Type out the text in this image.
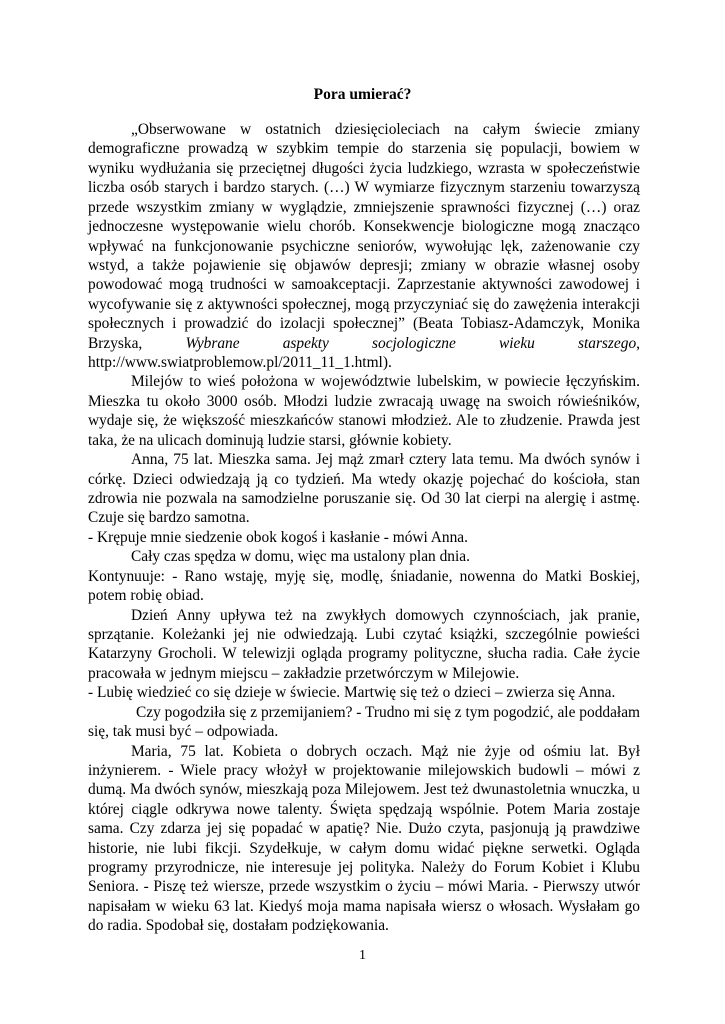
Pora umierać?

„Obserwowane w ostatnich dziesięcioleciach na całym świecie zmiany demograficzne prowadzą w szybkim tempie do starzenia się populacji, bowiem w wyniku wydłużania się przeciętnej długości życia ludzkiego, wzrasta w społeczeństwie liczba osób starych i bardzo starych. (…) W wymiarze fizycznym starzeniu towarzyszą przede wszystkim zmiany w wyglądzie, zmniejszenie sprawności fizycznej (…) oraz jednoczesne występowanie wielu chorób. Konsekwencje biologiczne mogą znacząco wpływać na funkcjonowanie psychiczne seniorów, wywołując lęk, zażenowanie czy wstyd, a także pojawienie się objawów depresji; zmiany w obrazie własnej osoby powodować mogą trudności w samoakceptacji. Zaprzestanie aktywności zawodowej i wycofywanie się z aktywności społecznej, mogą przyczyniać się do zawężenia interakcji społecznych i prowadzić do izolacji społecznej” (Beata Tobiasz-Adamczyk, Monika Brzyska, Wybrane aspekty socjologiczne wieku starszego, http://www.swiatproblemow.pl/2011_11_1.html).

Milejów to wieś położona w województwie lubelskim, w powiecie łęczyńskim. Mieszka tu około 3000 osób. Młodzi ludzie zwracają uwagę na swoich rówieśników, wydaje się, że większość mieszkańców stanowi młodzież. Ale to złudzenie. Prawda jest taka, że na ulicach dominują ludzie starsi, głównie kobiety.

Anna, 75 lat. Mieszka sama. Jej mąż zmarł cztery lata temu. Ma dwóch synów i córkę. Dzieci odwiedzają ją co tydzień. Ma wtedy okazję pojechać do kościoła, stan zdrowia nie pozwala na samodzielne poruszanie się. Od 30 lat cierpi na alergię i astmę. Czuje się bardzo samotna.

- Krępuje mnie siedzenie obok kogoś i kasłanie - mówi Anna.

Cały czas spędza w domu, więc ma ustalony plan dnia.

Kontynuuje: - Rano wstaję, myję się, modlę, śniadanie, nowenna do Matki Boskiej, potem robię obiad.

Dzień Anny upływa też na zwykłych domowych czynnościach, jak pranie, sprzątanie. Koleżanki jej nie odwiedzają. Lubi czytać książki, szczególnie powieści Katarzyny Grocholi. W telewizji ogląda programy polityczne, słucha radia. Całe życie pracowała w jednym miejscu – zakładzie przetwórczym w Milejowie.

- Lubię wiedzieć co się dzieje w świecie. Martwię się też o dzieci – zwierza się Anna.

Czy pogodziła się z przemijaniem? - Trudno mi się z tym pogodzić, ale poddałam się, tak musi być – odpowiada.

Maria, 75 lat. Kobieta o dobrych oczach. Mąż nie żyje od ośmiu lat. Był inżynierem. - Wiele pracy włożył w projektowanie milejowskich budowli – mówi z dumą. Ma dwóch synów, mieszkają poza Milejowem. Jest też dwunastoletnia wnuczka, u której ciągle odkrywa nowe talenty. Święta spędzają wspólnie. Potem Maria zostaje sama. Czy zdarza jej się popadać w apatię? Nie. Dużo czyta, pasjonują ją prawdziwe historie, nie lubi fikcji. Szydełkuje, w całym domu widać piękne serwetki. Ogląda programy przyrodnicze, nie interesuje jej polityka. Należy do Forum Kobiet i Klubu Seniora. - Piszę też wiersze, przede wszystkim o życiu – mówi Maria. - Pierwszy utwór napisałam w wieku 63 lat. Kiedyś moja mama napisała wiersz o włosach. Wysłałam go do radia. Spodobał się, dostałam podziękowania.

1
